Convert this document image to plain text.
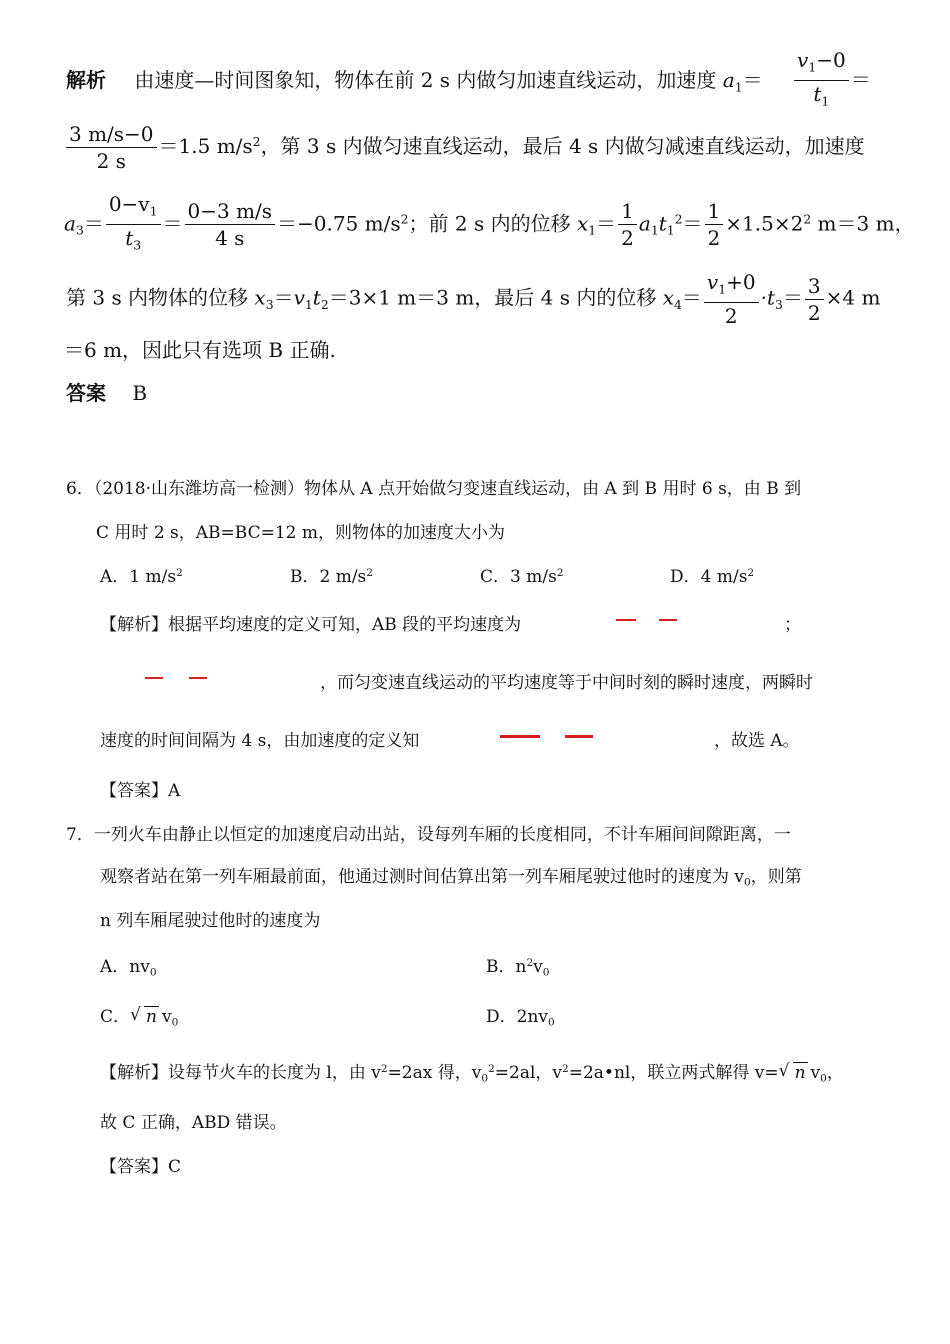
解析 由速度—时间图象知，物体在前 2 s 内做匀加速直线运动，加速度 $a_1= \frac{v_1-0}{t_1}$ ＝
$\frac{3 m/s-0}{2 s} =1.5$ $m/s^2$，第 3 s 内做匀速直线运动，最后 4 s 内做匀减速直线运动，加速度
$a_3= \frac{0-v_1}{t_3} = \frac{0-3 m/s}{4 s} =-0.75$ $m/s^2$；前 2 s 内的位移 $x_1= \frac{1}{2} a_1t_1^2= \frac{1}{2} \times 1.5\times 2^2$ m＝3 m，
第 3 s 内物体的位移 $x_3=v_1t_2=3\times 1$ m＝3 m，最后 4 s 内的位移 $x_4= \frac{v_1+0}{2} \cdot t_3= \frac{3}{2} \times 4$ m
＝6 m，因此只有选项 B 正确.
答案 B
6．（2018·山东潍坊高一检测）物体从 A 点开始做匀变速直线运动，由 A 到 B 用时 6 s，由 B 到
C 用时 2 s，AB=BC=12 m，则物体的加速度大小为
A．1 $m/s^2$	B．2 $m/s^2$	C．3 $m/s^2$	D．4 $m/s^2$
【解析】根据平均速度的定义可知，AB 段的平均速度为	；
，而匀变速直线运动的平均速度等于中间时刻的瞬时速度，两瞬时
速度的时间间隔为 4 s，由加速度的定义知	，故选 A。
【答案】A
7．一列火车由静止以恒定的加速度启动出站，设每列车厢的长度相同，不计车厢间间隙距离，一
观察者站在第一列车厢最前面，他通过测时间估算出第一列车厢尾驶过他时的速度为 $v_0$，则第
n 列车厢尾驶过他时的速度为
A．$nv_0$	B．$n^2v_0$
C． √ n $v_0$	D．$2nv_0$
【解析】设每节火车的长度为 l，由 $v^2=2ax$ 得，$v_0^2=2al$，$v^2=2a•nl$，联立两式解得 v= √ n $v_0$，
故 C 正确，ABD 错误。
【答案】C
